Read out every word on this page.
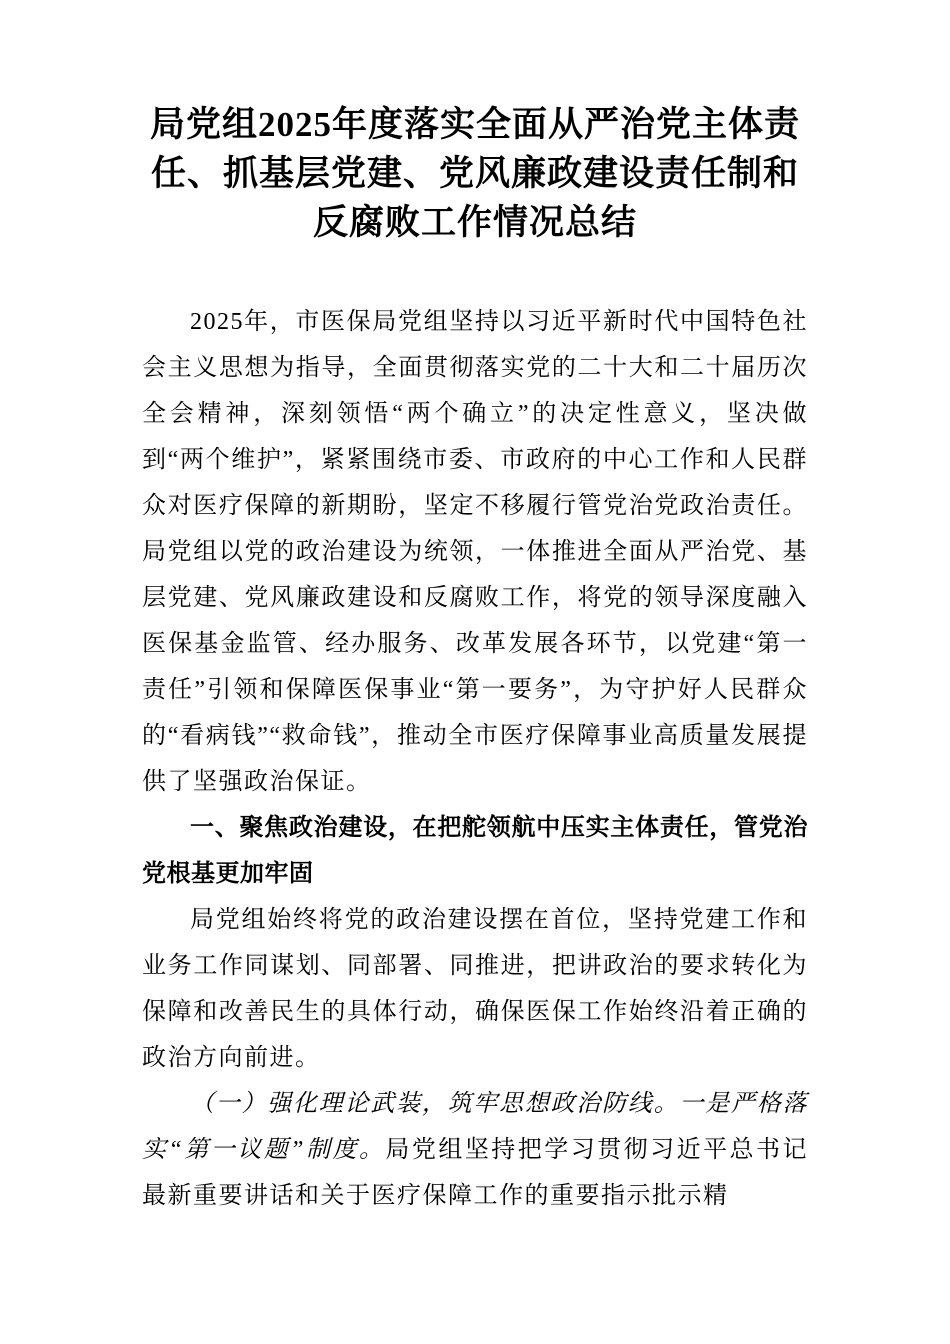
局党组2025年度落实全面从严治党主体责任、抓基层党建、党风廉政建设责任制和反腐败工作情况总结

2025年，市医保局党组坚持以习近平新时代中国特色社会主义思想为指导，全面贯彻落实党的二十大和二十届历次全会精神，深刻领悟“两个确立”的决定性意义，坚决做到“两个维护”，紧紧围绕市委、市政府的中心工作和人民群众对医疗保障的新期盼，坚定不移履行管党治党政治责任。局党组以党的政治建设为统领，一体推进全面从严治党、基层党建、党风廉政建设和反腐败工作，将党的领导深度融入医保基金监管、经办服务、改革发展各环节，以党建“第一责任”引领和保障医保事业“第一要务”，为守护好人民群众的“看病钱”“救命钱”，推动全市医疗保障事业高质量发展提供了坚强政治保证。

一、聚焦政治建设，在把舵领航中压实主体责任，管党治党根基更加牢固

局党组始终将党的政治建设摆在首位，坚持党建工作和业务工作同谋划、同部署、同推进，把讲政治的要求转化为保障和改善民生的具体行动，确保医保工作始终沿着正确的政治方向前进。

（一）强化理论武装，筑牢思想政治防线。一是严格落实“第一议题”制度。局党组坚持把学习贯彻习近平总书记最新重要讲话和关于医疗保障工作的重要指示批示精
